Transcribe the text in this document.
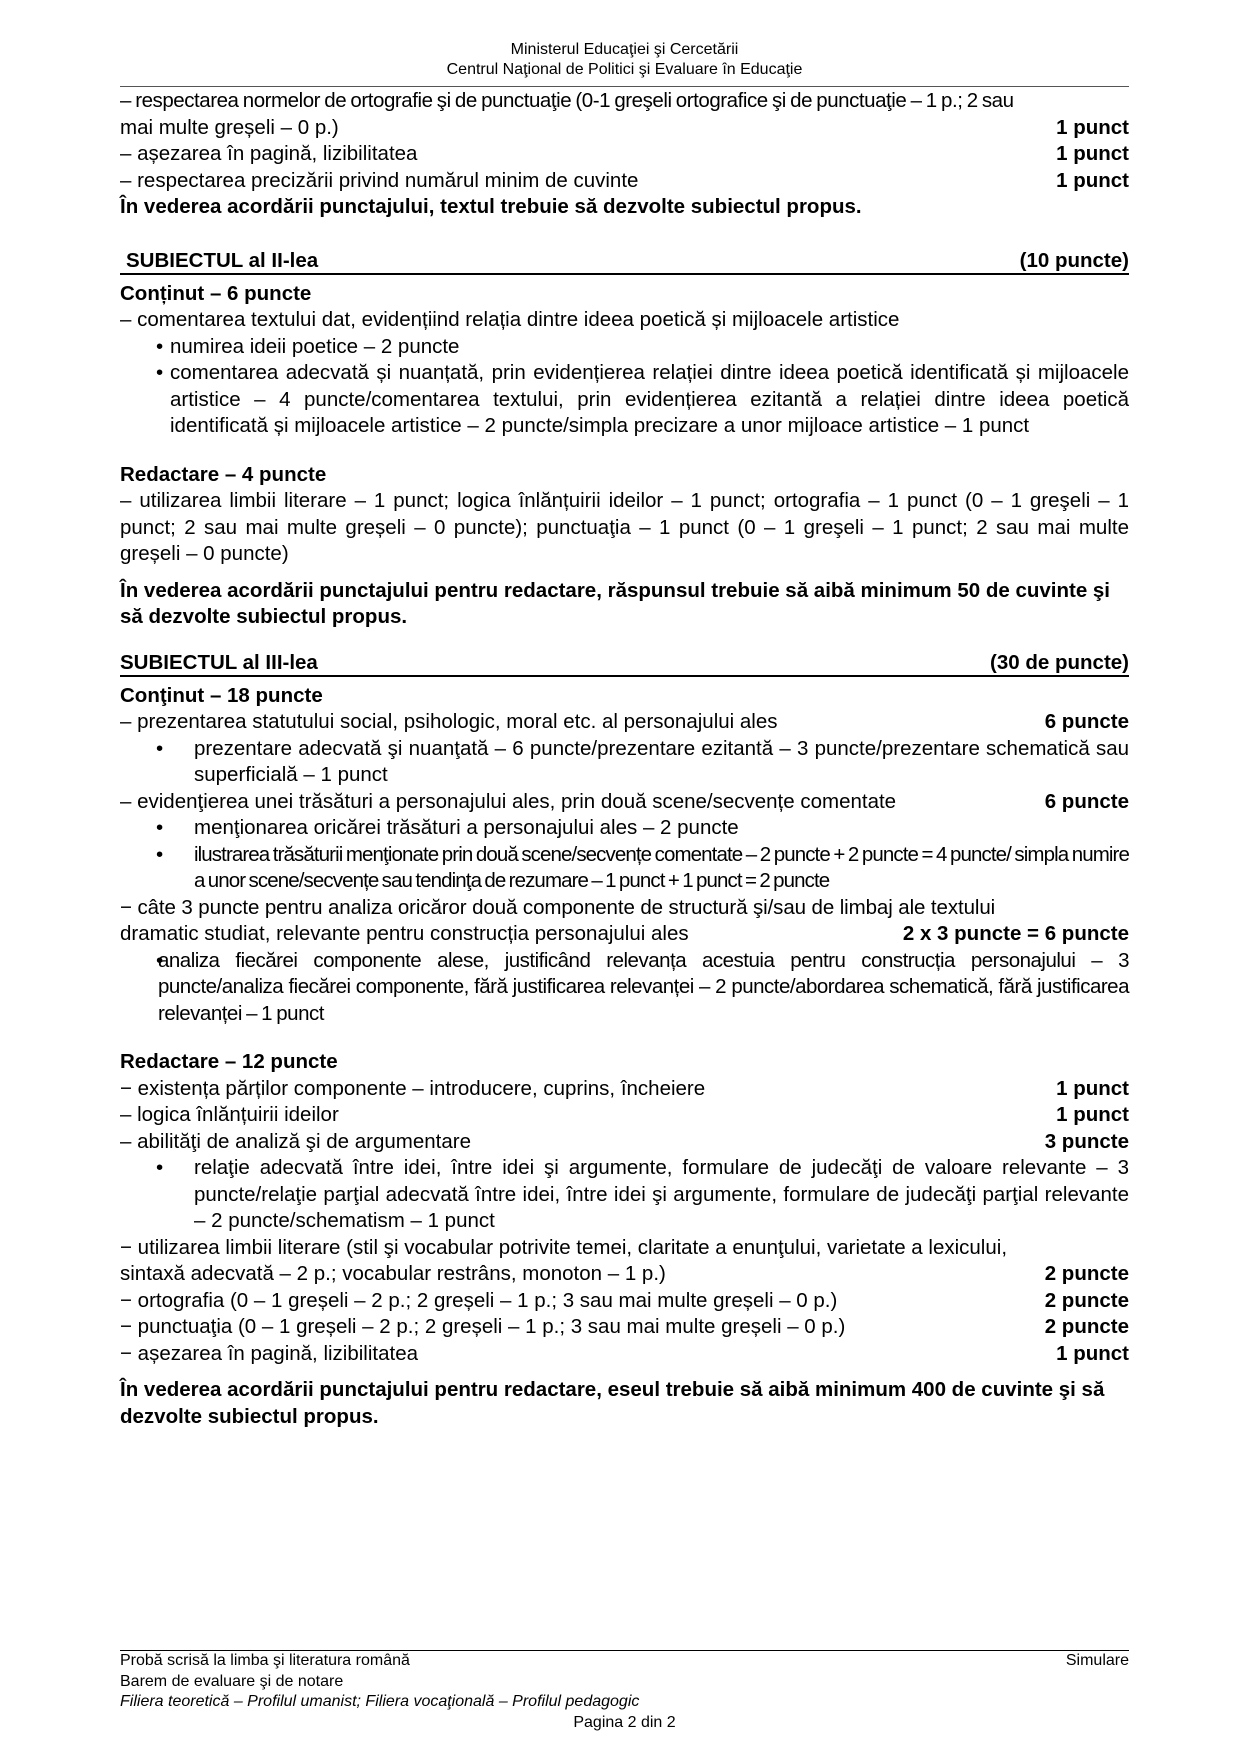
Ministerul Educaţiei şi Cercetării
Centrul Naţional de Politici şi Evaluare în Educaţie
– respectarea normelor de ortografie şi de punctuaţie (0-1 greşeli ortografice şi de punctuaţie – 1 p.; 2 sau
mai multe greșeli – 0 p.)	1 punct
– așezarea în pagină, lizibilitatea	1 punct
– respectarea precizării privind numărul minim de cuvinte	1 punct
În vederea acordării punctajului, textul trebuie să dezvolte subiectul propus.
SUBIECTUL al II-lea	(10 puncte)
Conținut – 6 puncte
– comentarea textului dat, evidențiind relația dintre ideea poetică și mijloacele artistice
• numirea ideii poetice – 2 puncte
• comentarea adecvată și nuanțată, prin evidențierea relației dintre ideea poetică identificată și mijloacele artistice – 4 puncte/comentarea textului, prin evidențierea ezitantă a relației dintre ideea poetică identificată și mijloacele artistice – 2 puncte/simpla precizare a unor mijloace artistice – 1 punct
Redactare – 4 puncte
– utilizarea limbii literare – 1 punct; logica înlănțuirii ideilor – 1 punct; ortografia – 1 punct (0 – 1 greşeli – 1 punct; 2 sau mai multe greșeli – 0 puncte); punctuaţia – 1 punct (0 – 1 greşeli – 1 punct; 2 sau mai multe greșeli – 0 puncte)
În vederea acordării punctajului pentru redactare, răspunsul trebuie să aibă minimum 50 de cuvinte şi să dezvolte subiectul propus.
SUBIECTUL al III-lea	(30 de puncte)
Conţinut – 18 puncte
– prezentarea statutului social, psihologic, moral etc. al personajului ales	6 puncte
• prezentare adecvată şi nuanţată – 6 puncte/prezentare ezitantă – 3 puncte/prezentare schematică sau superficială – 1 punct
– evidenţierea unei trăsături a personajului ales, prin două scene/secvențe comentate	6 puncte
• menţionarea oricărei trăsături a personajului ales – 2 puncte
• ilustrarea trăsăturii menţionate prin două scene/secvențe comentate – 2 puncte + 2 puncte = 4 puncte/ simpla numire a unor scene/secvențe sau tendinţa de rezumare – 1 punct + 1 punct = 2 puncte
− câte 3 puncte pentru analiza oricăror două componente de structură şi/sau de limbaj ale textului
dramatic studiat, relevante pentru construcția personajului ales	2 x 3 puncte = 6 puncte
• analiza fiecărei componente alese, justificând relevanța acestuia pentru construcția personajului – 3 puncte/analiza fiecărei componente, fără justificarea relevanței – 2 puncte/abordarea schematică, fără justificarea relevanței – 1 punct
Redactare – 12 puncte
− existența părților componente – introducere, cuprins, încheiere	1 punct
– logica înlănțuirii ideilor	1 punct
– abilităţi de analiză şi de argumentare	3 puncte
• relaţie adecvată între idei, între idei şi argumente, formulare de judecăţi de valoare relevante – 3 puncte/relaţie parţial adecvată între idei, între idei şi argumente, formulare de judecăţi parţial relevante – 2 puncte/schematism – 1 punct
− utilizarea limbii literare (stil şi vocabular potrivite temei, claritate a enunţului, varietate a lexicului,
sintaxă adecvată – 2 p.; vocabular restrâns, monoton – 1 p.)	2 puncte
− ortografia (0 – 1 greșeli – 2 p.; 2 greșeli – 1 p.; 3 sau mai multe greșeli – 0 p.)	2 puncte
− punctuaţia (0 – 1 greșeli – 2 p.; 2 greșeli – 1 p.; 3 sau mai multe greșeli – 0 p.)	2 puncte
− așezarea în pagină, lizibilitatea	1 punct
În vederea acordării punctajului pentru redactare, eseul trebuie să aibă minimum 400 de cuvinte şi să dezvolte subiectul propus.
Probă scrisă la limba şi literatura română	Simulare
Barem de evaluare şi de notare
Filiera teoretică – Profilul umanist; Filiera vocaţională – Profilul pedagogic
Pagina 2 din 2
